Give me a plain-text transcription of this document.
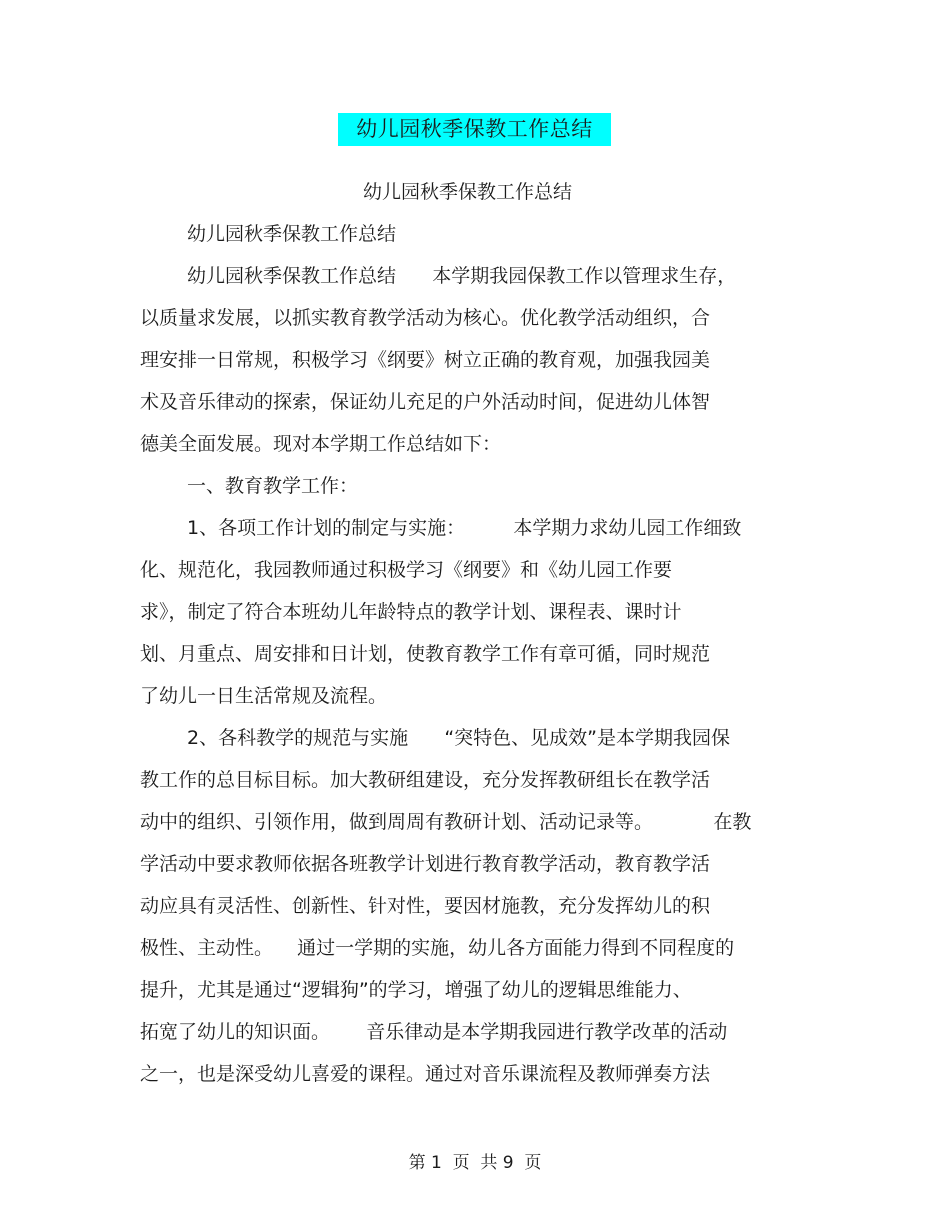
幼儿园秋季保教工作总结
幼儿园秋季保教工作总结
幼儿园秋季保教工作总结
幼儿园秋季保教工作总结      本学期我园保教工作以管理求生存，
以质量求发展，以抓实教育教学活动为核心。优化教学活动组织，合
理安排一日常规，积极学习《纲要》树立正确的教育观，加强我园美
术及音乐律动的探索，保证幼儿充足的户外活动时间，促进幼儿体智
德美全面发展。现对本学期工作总结如下：
一、教育教学工作：
1、各项工作计划的制定与实施：        本学期力求幼儿园工作细致
化、规范化，我园教师通过积极学习《纲要》和《幼儿园工作要
求》，制定了符合本班幼儿年龄特点的教学计划、课程表、课时计
划、月重点、周安排和日计划，使教育教学工作有章可循，同时规范
了幼儿一日生活常规及流程。
2、各科教学的规范与实施      “突特色、见成效”是本学期我园保
教工作的总目标目标。加大教研组建设，充分发挥教研组长在教学活
动中的组织、引领作用，做到周周有教研计划、活动记录等。          在教
学活动中要求教师依据各班教学计划进行教育教学活动，教育教学活
动应具有灵活性、创新性、针对性，要因材施教，充分发挥幼儿的积
极性、主动性。    通过一学期的实施，幼儿各方面能力得到不同程度的
提升，尤其是通过“逻辑狗”的学习，增强了幼儿的逻辑思维能力、
拓宽了幼儿的知识面。      音乐律动是本学期我园进行教学改革的活动
之一，也是深受幼儿喜爱的课程。通过对音乐课流程及教师弹奏方法
第 1  页  共 9  页
